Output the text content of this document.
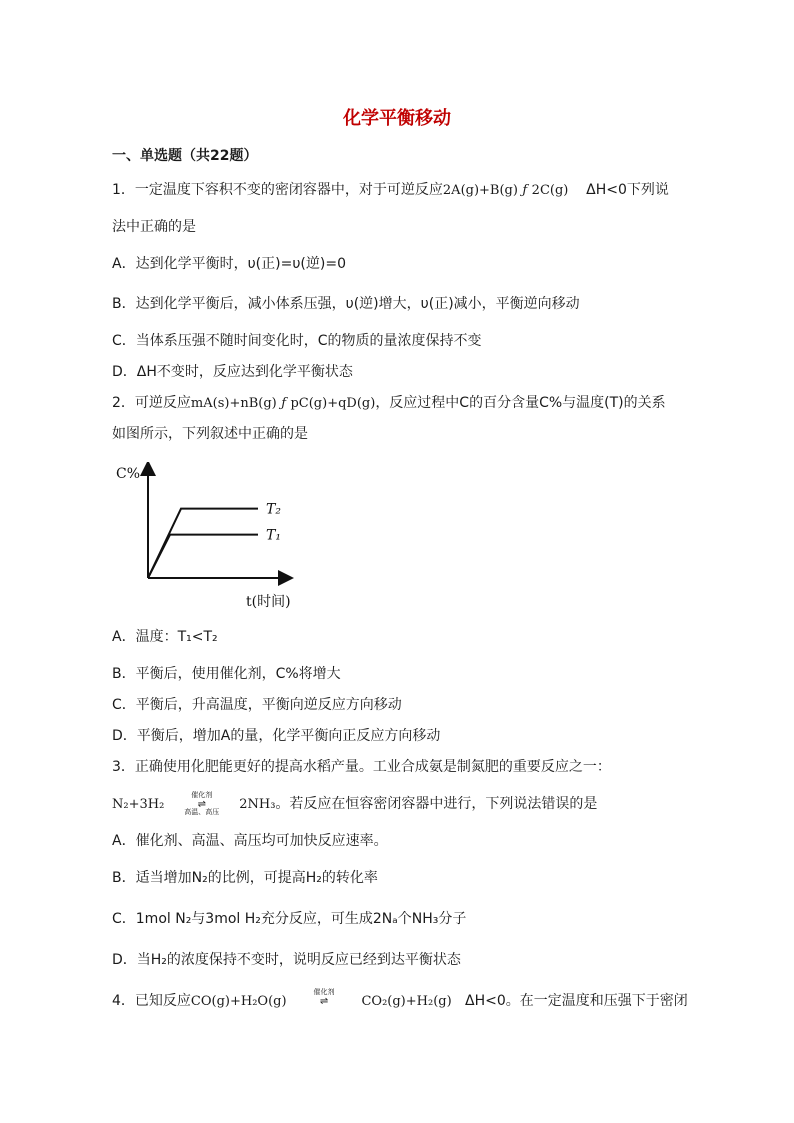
化学平衡移动
一、单选题（共22题）
1．一定温度下容积不变的密闭容器中，对于可逆反应2A(g)+B(g) ƒ 2C(g) ΔH<0下列说
法中正确的是
A．达到化学平衡时，υ(正)=υ(逆)=0
B．达到化学平衡后，减小体系压强，υ(逆)增大，υ(正)减小，平衡逆向移动
C．当体系压强不随时间变化时，C的物质的量浓度保持不变
D．ΔH不变时，反应达到化学平衡状态
2．可逆反应mA(s)+nB(g) ƒ pC(g)+qD(g)，反应过程中C的百分含量C%与温度(T)的关系
如图所示，下列叙述中正确的是
C%
t(时间)
T₂
T₁
A．温度：T₁<T₂
B．平衡后，使用催化剂，C%将增大
C．平衡后，升高温度，平衡向逆反应方向移动
D．平衡后，增加A的量，化学平衡向正反应方向移动
3．正确使用化肥能更好的提高水稻产量。工业合成氨是制氮肥的重要反应之一：
N₂+3H₂
催化剂
⇌
高温、高压	2NH₃。若反应在恒容密闭容器中进行，下列说法错误的是
A．催化剂、高温、高压均可加快反应速率。
B．适当增加N₂的比例，可提高H₂的转化率
C．1mol N₂与3mol H₂充分反应，可生成2Nₐ个NH₃分子
D．当H₂的浓度保持不变时，说明反应已经到达平衡状态
4．已知反应CO(g)+H₂O(g)
催化剂
⇌	CO₂(g)+H₂(g) ΔH<0。在一定温度和压强下于密闭
